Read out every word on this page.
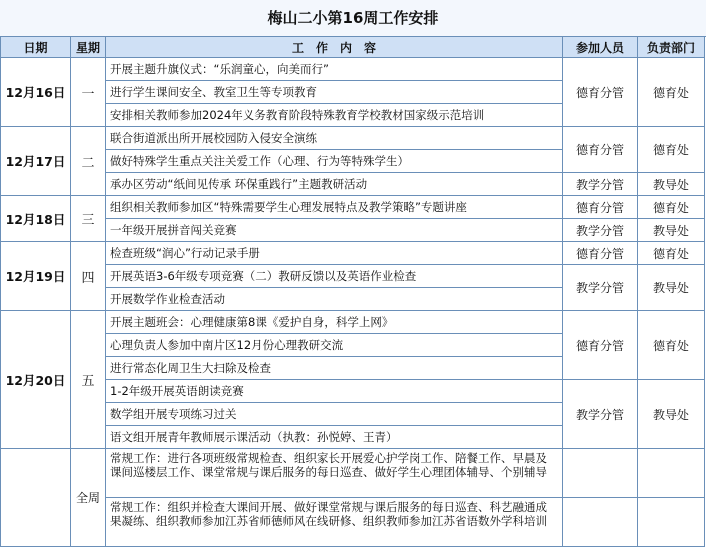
梅山二小第16周工作安排
日期	星期	工　作　内　容	参加人员	负责部门
12月16日	一	开展主题升旗仪式：“乐润童心，向美而行”	德育分管	德育处
		进行学生课间安全、教室卫生等专项教育		
		安排相关教师参加2024年义务教育阶段特殊教育学校教材国家级示范培训		
12月17日	二	联合街道派出所开展校园防入侵安全演练	德育分管	德育处
		做好特殊学生重点关注关爱工作（心理、行为等特殊学生）		
		承办区劳动“纸间见传承 环保重践行”主题教研活动	教学分管	教导处
12月18日	三	组织相关教师参加区“特殊需要学生心理发展特点及教学策略”专题讲座	德育分管	德育处
		一年级开展拼音闯关竞赛	教学分管	教导处
12月19日	四	检查班级“润心”行动记录手册	德育分管	德育处
		开展英语3-6年级专项竞赛（二）教研反馈以及英语作业检查	教学分管	教导处
		开展数学作业检查活动		
12月20日	五	开展主题班会：心理健康第8课《爱护自身，科学上网》	德育分管	德育处
		心理负责人参加中南片区12月份心理教研交流		
		进行常态化周卫生大扫除及检查		
		1-2年级开展英语朗读竞赛	教学分管	教导处
		数学组开展专项练习过关		
		语文组开展青年教师展示课活动（执教：孙悦婷、王青）		
	全周	常规工作：进行各项班级常规检查、组织家长开展爱心护学岗工作、陪餐工作、早晨及课间巡楼层工作、课堂常规与课后服务的每日巡查、做好学生心理团体辅导、个别辅导		
		常规工作：组织并检查大课间开展、做好课堂常规与课后服务的每日巡查、科艺融通成果凝练、组织教师参加江苏省师德师风在线研修、组织教师参加江苏省语数外学科培训		
